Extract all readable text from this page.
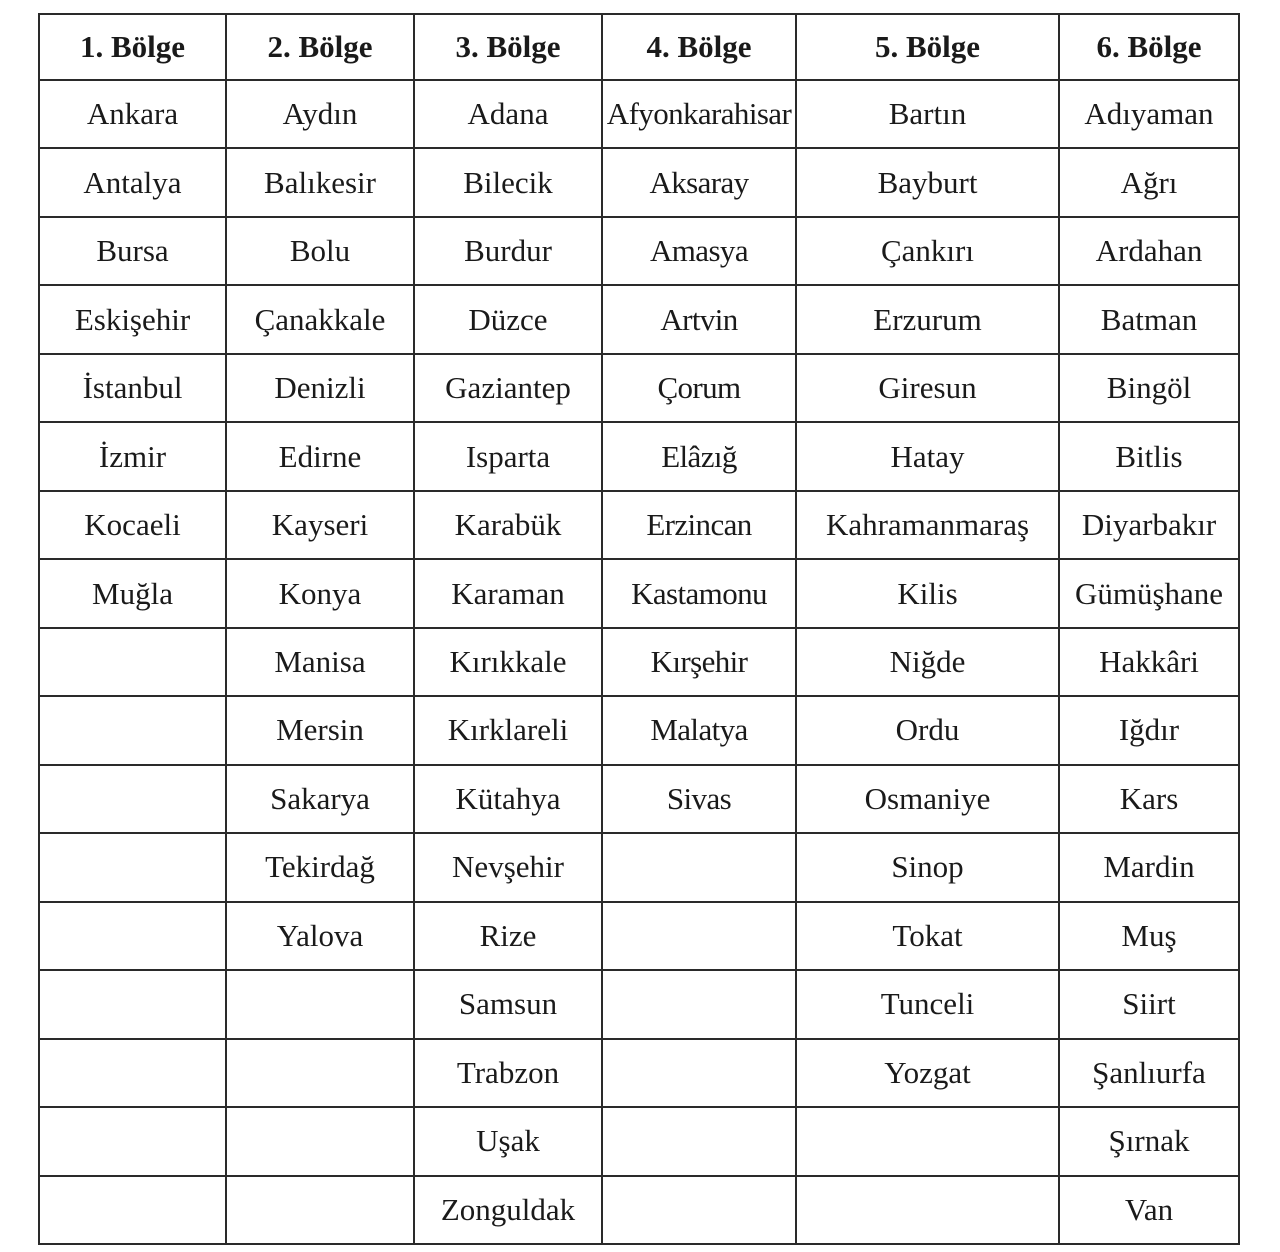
1. Bölge	2. Bölge	3. Bölge	4. Bölge	5. Bölge	6. Bölge
Ankara	Aydın	Adana	Afyonkarahisar	Bartın	Adıyaman
Antalya	Balıkesir	Bilecik	Aksaray	Bayburt	Ağrı
Bursa	Bolu	Burdur	Amasya	Çankırı	Ardahan
Eskişehir	Çanakkale	Düzce	Artvin	Erzurum	Batman
İstanbul	Denizli	Gaziantep	Çorum	Giresun	Bingöl
İzmir	Edirne	Isparta	Elâzığ	Hatay	Bitlis
Kocaeli	Kayseri	Karabük	Erzincan	Kahramanmaraş	Diyarbakır
Muğla	Konya	Karaman	Kastamonu	Kilis	Gümüşhane
	Manisa	Kırıkkale	Kırşehir	Niğde	Hakkâri
	Mersin	Kırklareli	Malatya	Ordu	Iğdır
	Sakarya	Kütahya	Sivas	Osmaniye	Kars
	Tekirdağ	Nevşehir		Sinop	Mardin
	Yalova	Rize		Tokat	Muş
		Samsun		Tunceli	Siirt
		Trabzon		Yozgat	Şanlıurfa
		Uşak			Şırnak
		Zonguldak			Van
